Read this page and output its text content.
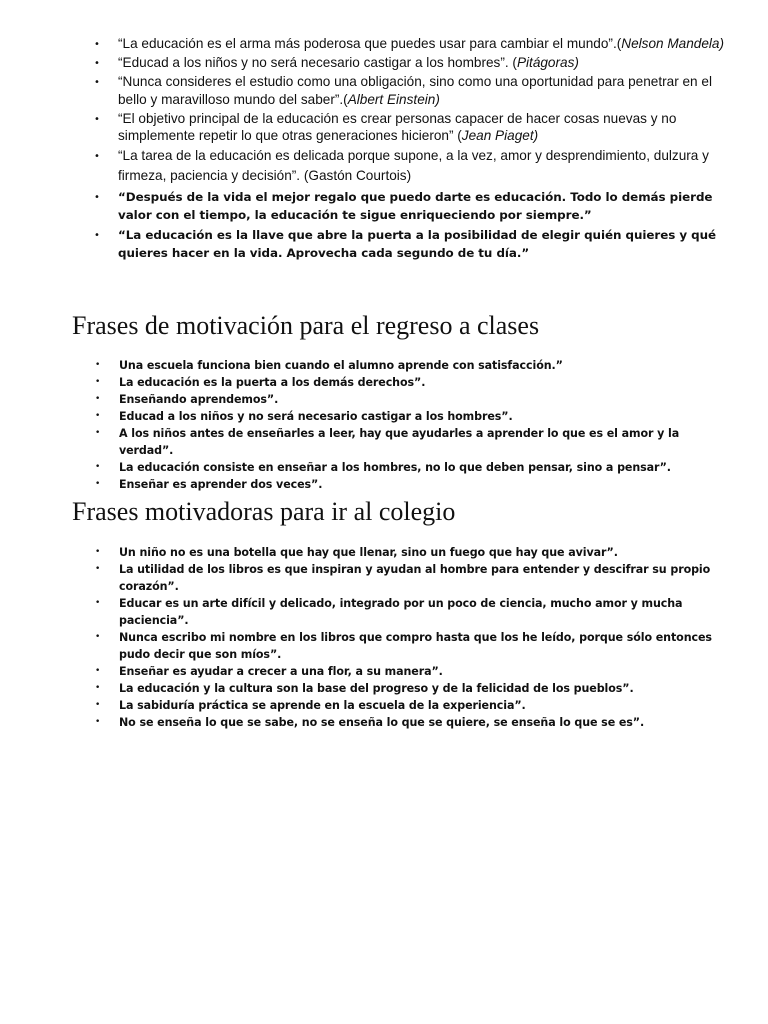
• “La educación es el arma más poderosa que puedes usar para cambiar el mundo”.(Nelson Mandela)
• “Educad a los niños y no será necesario castigar a los hombres”. (Pitágoras)
• “Nunca consideres el estudio como una obligación, sino como una oportunidad para penetrar en el bello y maravilloso mundo del saber”.(Albert Einstein)
• “El objetivo principal de la educación es crear personas capacer de hacer cosas nuevas y no simplemente repetir lo que otras generaciones hicieron” (Jean Piaget)
• “La tarea de la educación es delicada porque supone, a la vez, amor y desprendimiento, dulzura y firmeza, paciencia y decisión”. (Gastón Courtois)
• “Después de la vida el mejor regalo que puedo darte es educación. Todo lo demás pierde valor con el tiempo, la educación te sigue enriqueciendo por siempre.”
• “La educación es la llave que abre la puerta a la posibilidad de elegir quién quieres y qué quieres hacer en la vida. Aprovecha cada segundo de tu día.”
Frases de motivación para el regreso a clases
• Una escuela funciona bien cuando el alumno aprende con satisfacción.”
• La educación es la puerta a los demás derechos”.
• Enseñando aprendemos”.
• Educad a los niños y no será necesario castigar a los hombres”.
• A los niños antes de enseñarles a leer, hay que ayudarles a aprender lo que es el amor y la verdad”.
• La educación consiste en enseñar a los hombres, no lo que deben pensar, sino a pensar”.
• Enseñar es aprender dos veces”.
Frases motivadoras para ir al colegio
• Un niño no es una botella que hay que llenar, sino un fuego que hay que avivar”.
• La utilidad de los libros es que inspiran y ayudan al hombre para entender y descifrar su propio corazón”.
• Educar es un arte difícil y delicado, integrado por un poco de ciencia, mucho amor y mucha paciencia”.
• Nunca escribo mi nombre en los libros que compro hasta que los he leído, porque sólo entonces pudo decir que son míos”.
• Enseñar es ayudar a crecer a una flor, a su manera”.
• La educación y la cultura son la base del progreso y de la felicidad de los pueblos”.
• La sabiduría práctica se aprende en la escuela de la experiencia”.
• No se enseña lo que se sabe, no se enseña lo que se quiere, se enseña lo que se es”.
